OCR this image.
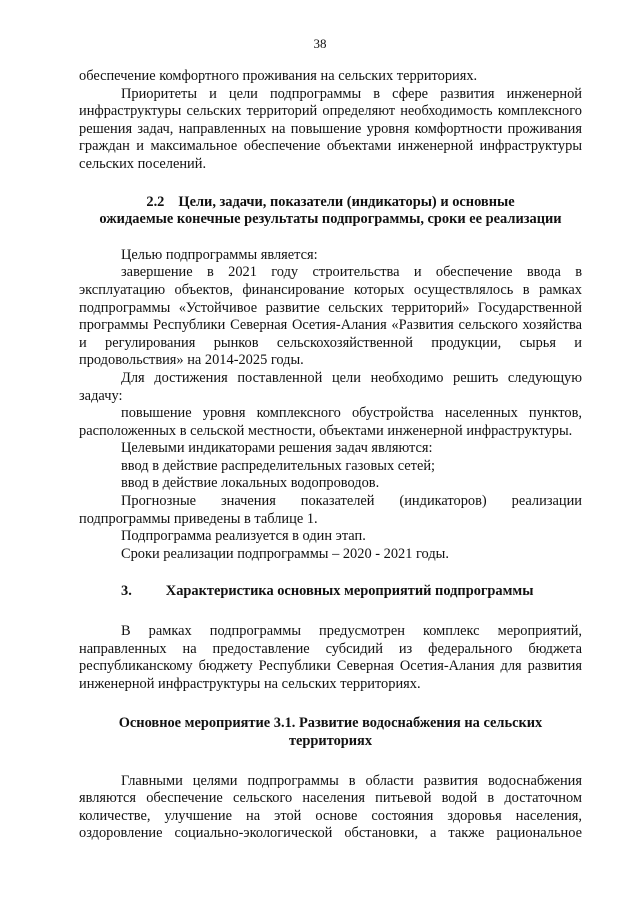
38

обеспечение комфортного проживания на сельских территориях.

Приоритеты и цели подпрограммы в сфере развития инженерной инфраструктуры сельских территорий определяют необходимость комплексного решения задач, направленных на повышение уровня комфортности проживания граждан и максимальное обеспечение объектами инженерной инфраструктуры сельских поселений.

2.2 Цели, задачи, показатели (индикаторы) и основные
ожидаемые конечные результаты подпрограммы, сроки ее реализации

Целью подпрограммы является:

завершение в 2021 году строительства и обеспечение ввода в эксплуатацию объектов, финансирование которых осуществлялось в рамках подпрограммы «Устойчивое развитие сельских территорий» Государственной программы Республики Северная Осетия-Алания «Развития сельского хозяйства и регулирования рынков сельскохозяйственной продукции, сырья и продовольствия» на 2014-2025 годы.

Для достижения поставленной цели необходимо решить следующую задачу:

повышение уровня комплексного обустройства населенных пунктов, расположенных в сельской местности, объектами инженерной инфраструктуры.

Целевыми индикаторами решения задач являются:

ввод в действие распределительных газовых сетей;

ввод в действие локальных водопроводов.

Прогнозные значения показателей (индикаторов) реализации подпрограммы приведены в таблице 1.

Подпрограмма реализуется в один этап.

Сроки реализации подпрограммы – 2020 - 2021 годы.

3. Характеристика основных мероприятий подпрограммы

В рамках подпрограммы предусмотрен комплекс мероприятий, направленных на предоставление субсидий из федерального бюджета республиканскому бюджету Республики Северная Осетия-Алания для развития инженерной инфраструктуры на сельских территориях.

Основное мероприятие 3.1. Развитие водоснабжения на сельских
территориях

Главными целями подпрограммы в области развития водоснабжения являются обеспечение сельского населения питьевой водой в достаточном количестве, улучшение на этой основе состояния здоровья населения, оздоровление социально-экологической обстановки, а также рациональное
